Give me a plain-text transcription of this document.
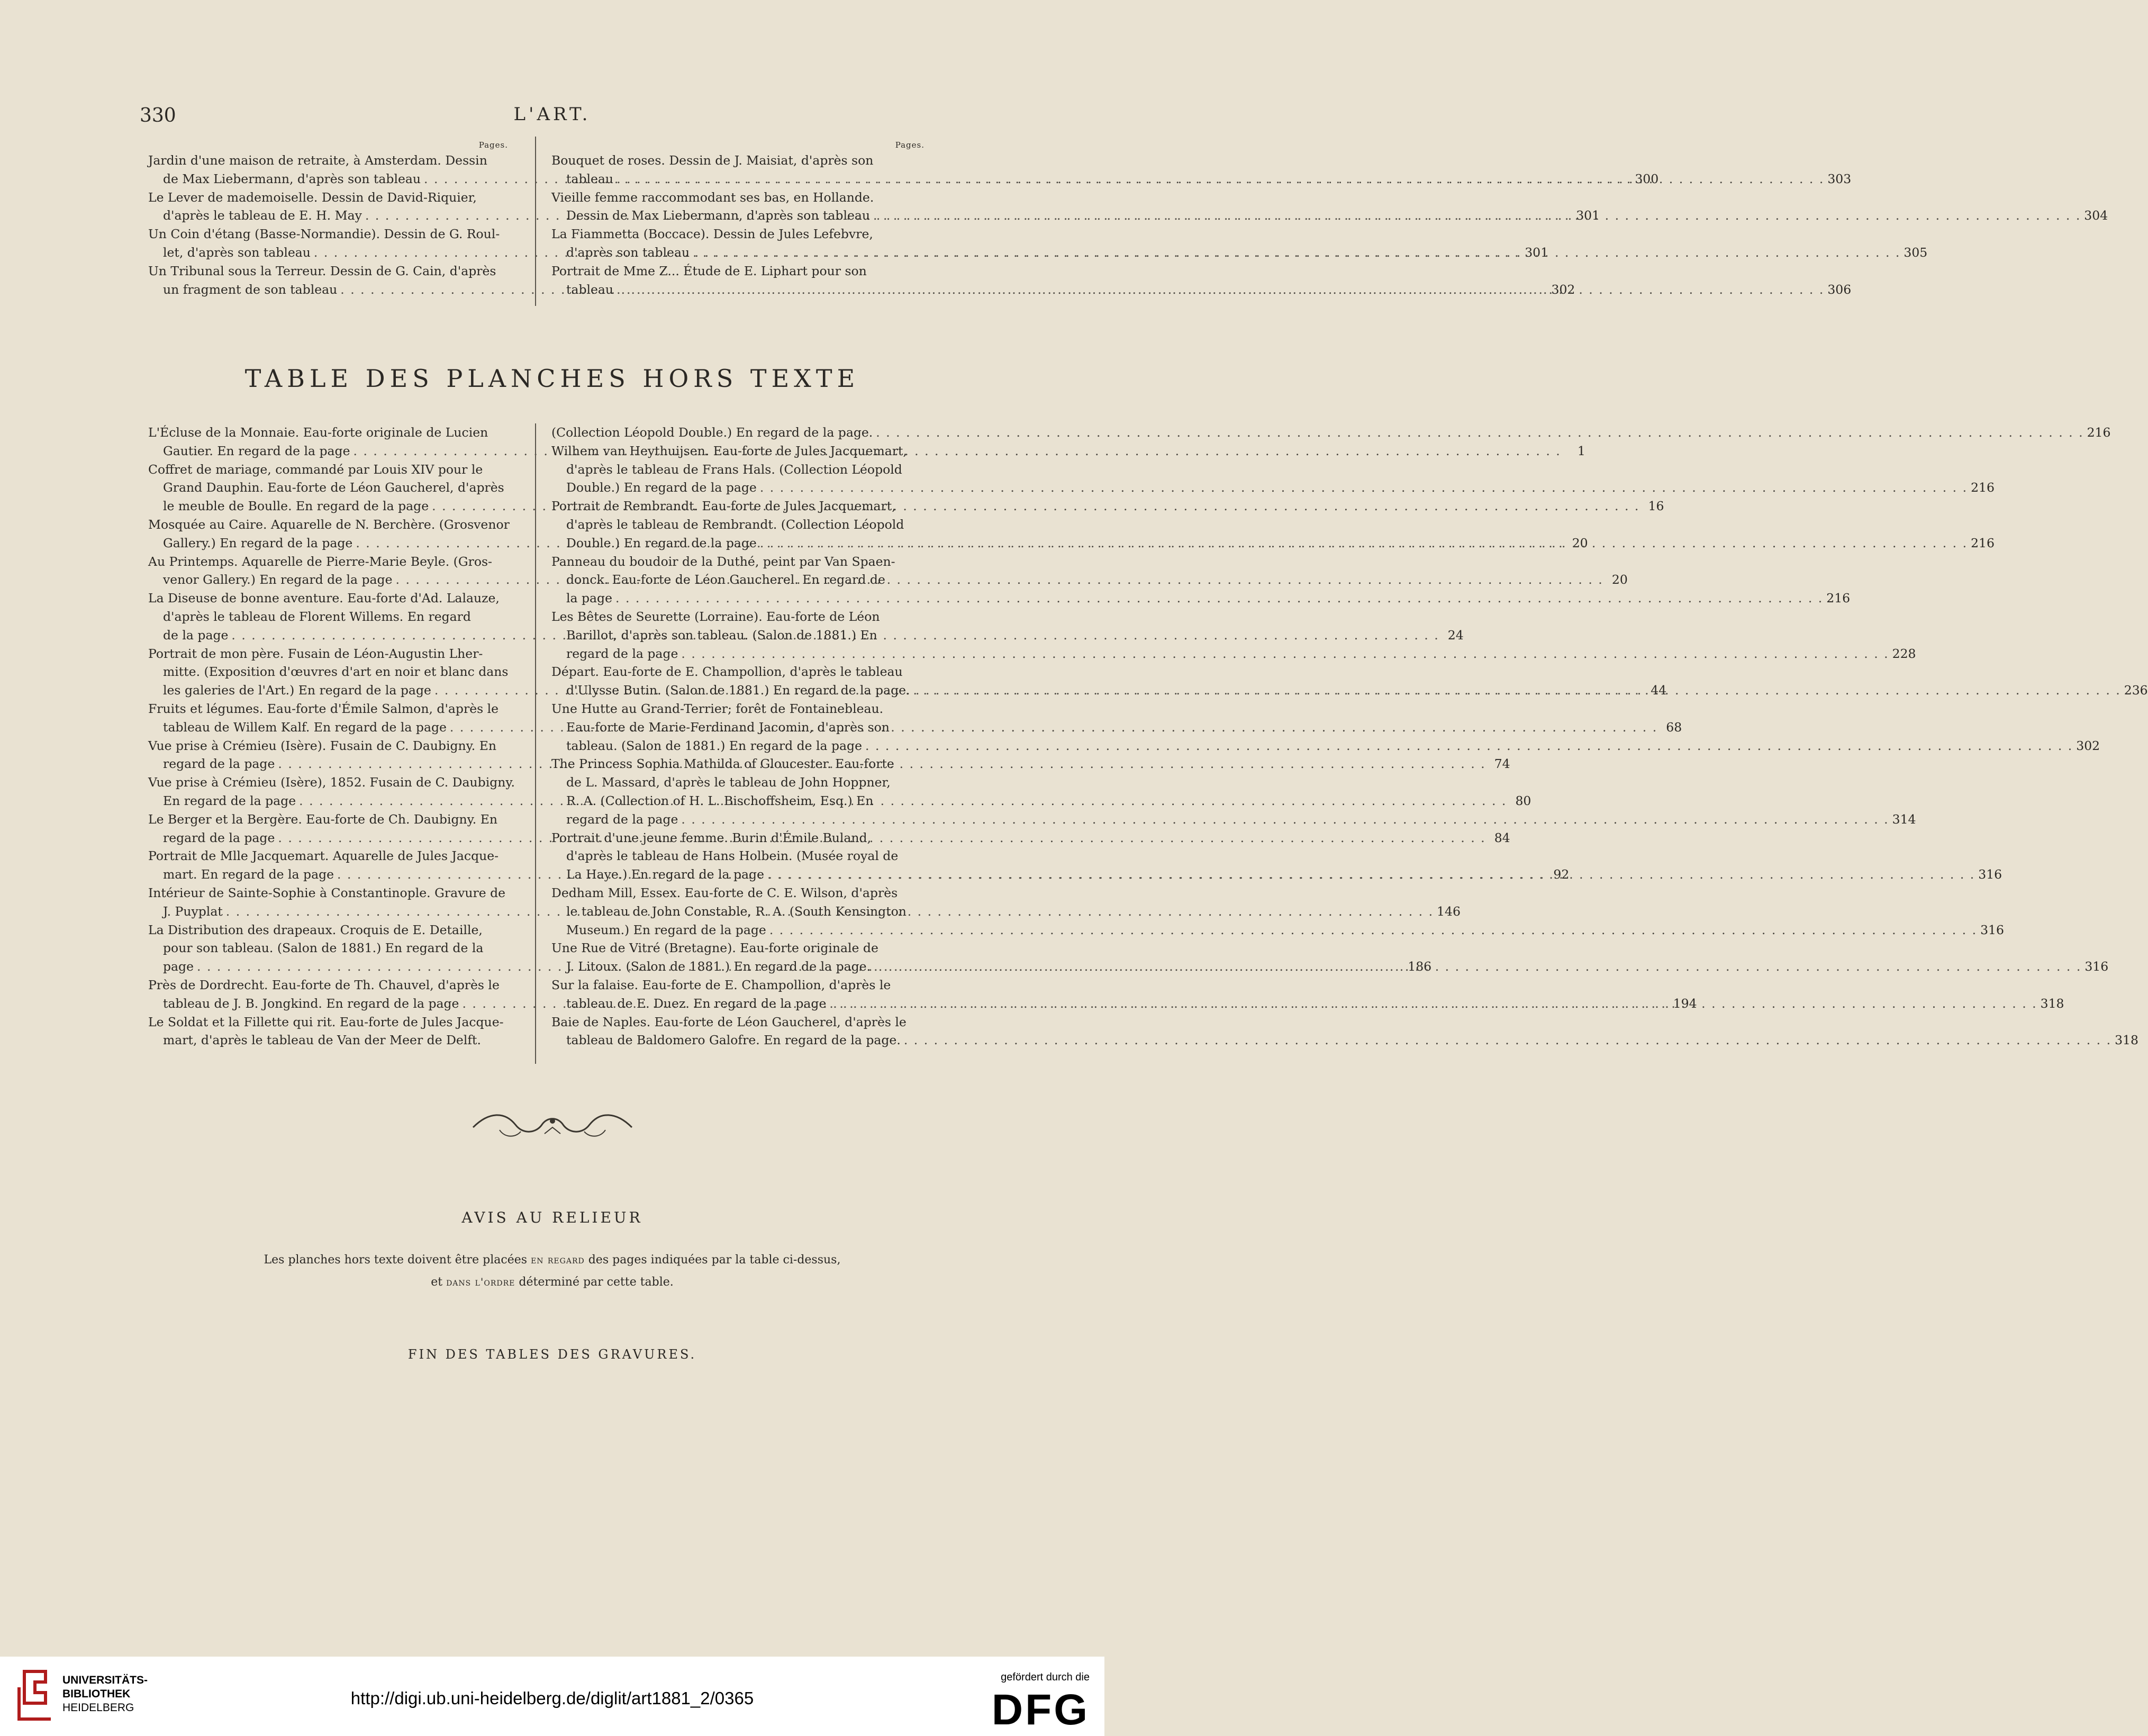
330	L'ART.
Pages.
Jardin d'une maison de retraite, à Amsterdam. Dessin
de Max Liebermann, d'après son tableau . . .	300
Le Lever de mademoiselle. Dessin de David-Riquier,
d'après le tableau de E. H. May . . .	301
Un Coin d'étang (Basse-Normandie). Dessin de G. Roul-
let, d'après son tableau . . .	301
Un Tribunal sous la Terreur. Dessin de G. Cain, d'après
un fragment de son tableau . . .	302
Pages.
Bouquet de roses. Dessin de J. Maisiat, d'après son
tableau . . .	303
Vieille femme raccommodant ses bas, en Hollande.
Dessin de Max Liebermann, d'après son tableau . . .	304
La Fiammetta (Boccace). Dessin de Jules Lefebvre,
d'après son tableau . . .	305
Portrait de Mme Z... Étude de E. Liphart pour son
tableau . . .	306
TABLE DES PLANCHES HORS TEXTE
L'Écluse de la Monnaie. Eau-forte originale de Lucien
Gautier. En regard de la page . . .	1
Coffret de mariage, commandé par Louis XIV pour le
Grand Dauphin. Eau-forte de Léon Gaucherel, d'après
le meuble de Boulle. En regard de la page . . .	16
Mosquée au Caire. Aquarelle de N. Berchère. (Grosvenor
Gallery.) En regard de la page . . .	20
Au Printemps. Aquarelle de Pierre-Marie Beyle. (Gros-
venor Gallery.) En regard de la page . . .	20
La Diseuse de bonne aventure. Eau-forte d'Ad. Lalauze,
d'après le tableau de Florent Willems. En regard
de la page . . .	24
Portrait de mon père. Fusain de Léon-Augustin Lher-
mitte. (Exposition d'œuvres d'art en noir et blanc dans
les galeries de l'Art.) En regard de la page . . .	44
Fruits et légumes. Eau-forte d'Émile Salmon, d'après le
tableau de Willem Kalf. En regard de la page . . .	68
Vue prise à Crémieu (Isère). Fusain de C. Daubigny. En
regard de la page . . .	74
Vue prise à Crémieu (Isère), 1852. Fusain de C. Daubigny.
En regard de la page . . .	80
Le Berger et la Bergère. Eau-forte de Ch. Daubigny. En
regard de la page . . .	84
Portrait de Mlle Jacquemart. Aquarelle de Jules Jacque-
mart. En regard de la page . . .	92
Intérieur de Sainte-Sophie à Constantinople. Gravure de
J. Puyplat . . .	146
La Distribution des drapeaux. Croquis de E. Detaille,
pour son tableau. (Salon de 1881.) En regard de la
page . . .	186
Près de Dordrecht. Eau-forte de Th. Chauvel, d'après le
tableau de J. B. Jongkind. En regard de la page . . .	194
Le Soldat et la Fillette qui rit. Eau-forte de Jules Jacque-
mart, d'après le tableau de Van der Meer de Delft.
(Collection Léopold Double.) En regard de la page. . . .	216
Wilhem van Heythuijsen. Eau-forte de Jules Jacquemart,
d'après le tableau de Frans Hals. (Collection Léopold
Double.) En regard de la page . . .	216
Portrait de Rembrandt. Eau-forte de Jules Jacquemart,
d'après le tableau de Rembrandt. (Collection Léopold
Double.) En regard de la page . . .	216
Panneau du boudoir de la Duthé, peint par Van Spaen-
donck. Eau-forte de Léon Gaucherel. En regard de
la page . . .	216
Les Bêtes de Seurette (Lorraine). Eau-forte de Léon
Barillot, d'après son tableau. (Salon de 1881.) En
regard de la page . . .	228
Départ. Eau-forte de E. Champollion, d'après le tableau
d'Ulysse Butin. (Salon de 1881.) En regard de la page. . . .	236
Une Hutte au Grand-Terrier; forêt de Fontainebleau.
Eau-forte de Marie-Ferdinand Jacomin, d'après son
tableau. (Salon de 1881.) En regard de la page . . .	302
The Princess Sophia Mathilda of Gloucester. Eau-forte
de L. Massard, d'après le tableau de John Hoppner,
R. A. (Collection of H. L. Bischoffsheim, Esq.) En
regard de la page . . .	314
Portrait d'une jeune femme. Burin d'Émile Buland,
d'après le tableau de Hans Holbein. (Musée royal de
La Haye.) En regard de la page . . .	316
Dedham Mill, Essex. Eau-forte de C. E. Wilson, d'après
le tableau de John Constable, R. A. (South Kensington
Museum.) En regard de la page . . .	316
Une Rue de Vitré (Bretagne). Eau-forte originale de
J. Litoux. (Salon de 1881.) En regard de la page. . . .	316
Sur la falaise. Eau-forte de E. Champollion, d'après le
tableau de E. Duez. En regard de la page . . .	318
Baie de Naples. Eau-forte de Léon Gaucherel, d'après le
tableau de Baldomero Galofre. En regard de la page. . . .	318
AVIS AU RELIEUR
Les planches hors texte doivent être placées en regard des pages indiquées par la table ci-dessus,
et dans l'ordre déterminé par cette table.
FIN DES TABLES DES GRAVURES.
UNIVERSITÄTS-
BIBLIOTHEK
HEIDELBERG	http://digi.ub.uni-heidelberg.de/diglit/art1881_2/0365
gefördert durch die
DFG
